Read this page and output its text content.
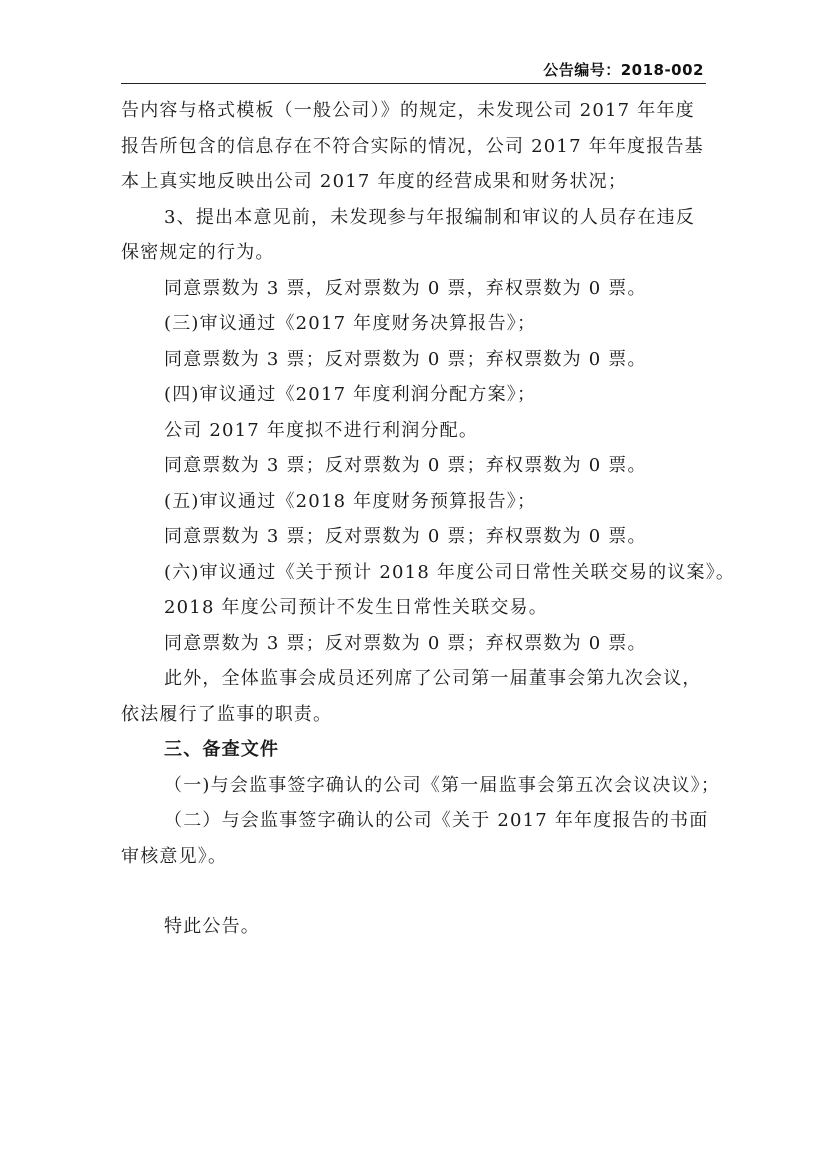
公告编号：2018-002
告内容与格式模板（一般公司）》的规定，未发现公司 2017 年年度
报告所包含的信息存在不符合实际的情况，公司 2017 年年度报告基
本上真实地反映出公司 2017 年度的经营成果和财务状况；
3、提出本意见前，未发现参与年报编制和审议的人员存在违反
保密规定的行为。
同意票数为 3 票，反对票数为 0 票，弃权票数为 0 票。
(三)审议通过《2017 年度财务决算报告》；
同意票数为 3 票；反对票数为 0 票；弃权票数为 0 票。
(四)审议通过《2017 年度利润分配方案》；
公司 2017 年度拟不进行利润分配。
同意票数为 3 票；反对票数为 0 票；弃权票数为 0 票。
(五)审议通过《2018 年度财务预算报告》；
同意票数为 3 票；反对票数为 0 票；弃权票数为 0 票。
(六)审议通过《关于预计 2018 年度公司日常性关联交易的议案》。
2018 年度公司预计不发生日常性关联交易。
同意票数为 3 票；反对票数为 0 票；弃权票数为 0 票。
此外，全体监事会成员还列席了公司第一届董事会第九次会议，
依法履行了监事的职责。
三、备查文件
（一)与会监事签字确认的公司《第一届监事会第五次会议决议》；
（二）与会监事签字确认的公司《关于 2017 年年度报告的书面
审核意见》。
特此公告。
